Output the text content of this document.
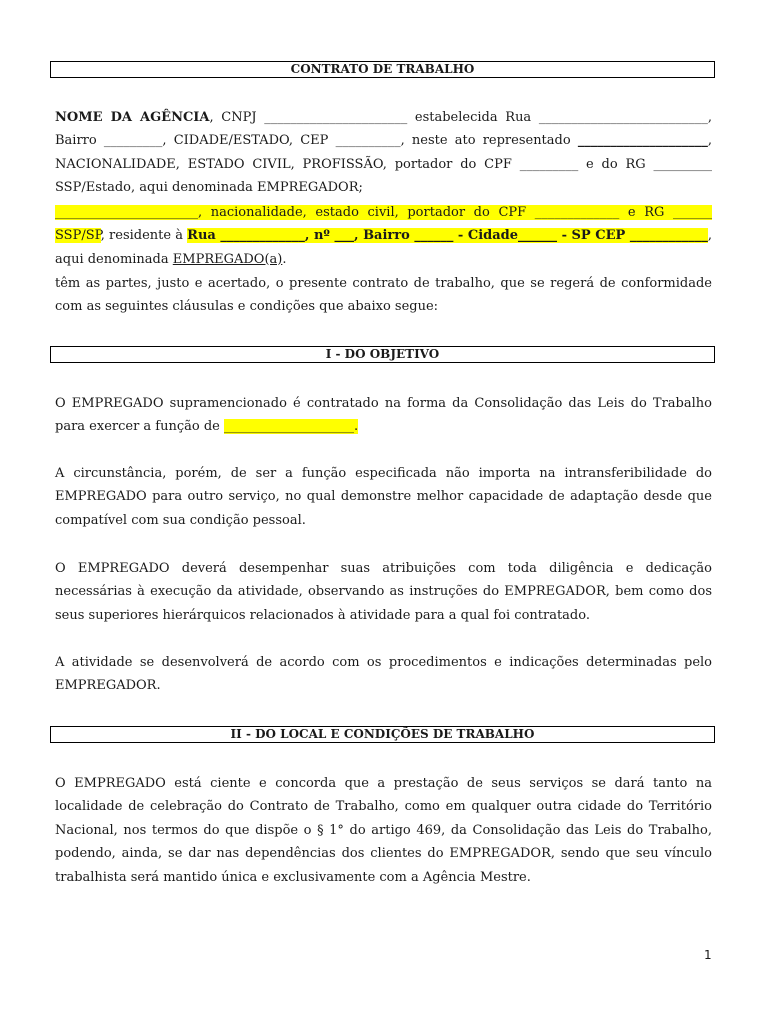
CONTRATO DE TRABALHO

NOME DA AGÊNCIA, CNPJ ______________________ estabelecida Rua __________________________, Bairro _________, CIDADE/ESTADO, CEP __________, neste ato representado ____________________, NACIONALIDADE, ESTADO CIVIL, PROFISSÃO, portador do CPF _________ e do RG _________ SSP/Estado, aqui denominada EMPREGADOR;

______________________, nacionalidade, estado civil, portador do CPF _____________ e RG ______ SSP/SP, residente à Rua _____________, nº ___, Bairro ______ - Cidade______ - SP CEP ____________, aqui denominada EMPREGADO(a).

têm as partes, justo e acertado, o presente contrato de trabalho, que se regerá de conformidade com as seguintes cláusulas e condições que abaixo segue:

I - DO OBJETIVO

O EMPREGADO supramencionado é contratado na forma da Consolidação das Leis do Trabalho para exercer a função de ____________________.

A circunstância, porém, de ser a função especificada não importa na intransferibilidade do EMPREGADO para outro serviço, no qual demonstre melhor capacidade de adaptação desde que compatível com sua condição pessoal.

O EMPREGADO deverá desempenhar suas atribuições com toda diligência e dedicação necessárias à execução da atividade, observando as instruções do EMPREGADOR, bem como dos seus superiores hierárquicos relacionados à atividade para a qual foi contratado.

A atividade se desenvolverá de acordo com os procedimentos e indicações determinadas pelo EMPREGADOR.

II - DO LOCAL E CONDIÇÕES DE TRABALHO

O EMPREGADO está ciente e concorda que a prestação de seus serviços se dará tanto na localidade de celebração do Contrato de Trabalho, como em qualquer outra cidade do Território Nacional, nos termos do que dispõe o § 1° do artigo 469, da Consolidação das Leis do Trabalho, podendo, ainda, se dar nas dependências dos clientes do EMPREGADOR, sendo que seu vínculo trabalhista será mantido única e exclusivamente com a Agência Mestre.

1
